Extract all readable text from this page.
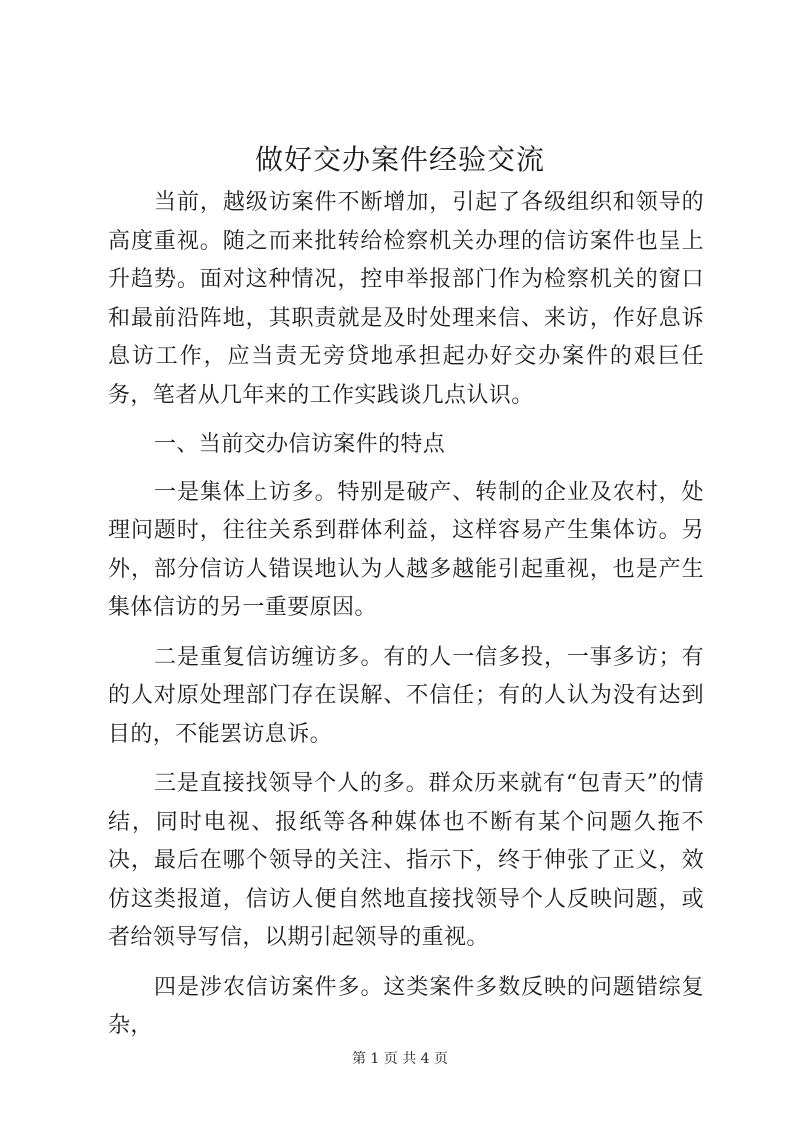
做好交办案件经验交流

当前，越级访案件不断增加，引起了各级组织和领导的高度重视。随之而来批转给检察机关办理的信访案件也呈上升趋势。面对这种情况，控申举报部门作为检察机关的窗口和最前沿阵地，其职责就是及时处理来信、来访，作好息诉息访工作，应当责无旁贷地承担起办好交办案件的艰巨任务，笔者从几年来的工作实践谈几点认识。

一、当前交办信访案件的特点

一是集体上访多。特别是破产、转制的企业及农村，处理问题时，往往关系到群体利益，这样容易产生集体访。另外，部分信访人错误地认为人越多越能引起重视，也是产生集体信访的另一重要原因。

二是重复信访缠访多。有的人一信多投，一事多访；有的人对原处理部门存在误解、不信任；有的人认为没有达到目的，不能罢访息诉。

三是直接找领导个人的多。群众历来就有“包青天”的情结，同时电视、报纸等各种媒体也不断有某个问题久拖不决，最后在哪个领导的关注、指示下，终于伸张了正义，效仿这类报道，信访人便自然地直接找领导个人反映问题，或者给领导写信，以期引起领导的重视。

四是涉农信访案件多。这类案件多数反映的问题错综复杂，

第 1 页 共 4 页
